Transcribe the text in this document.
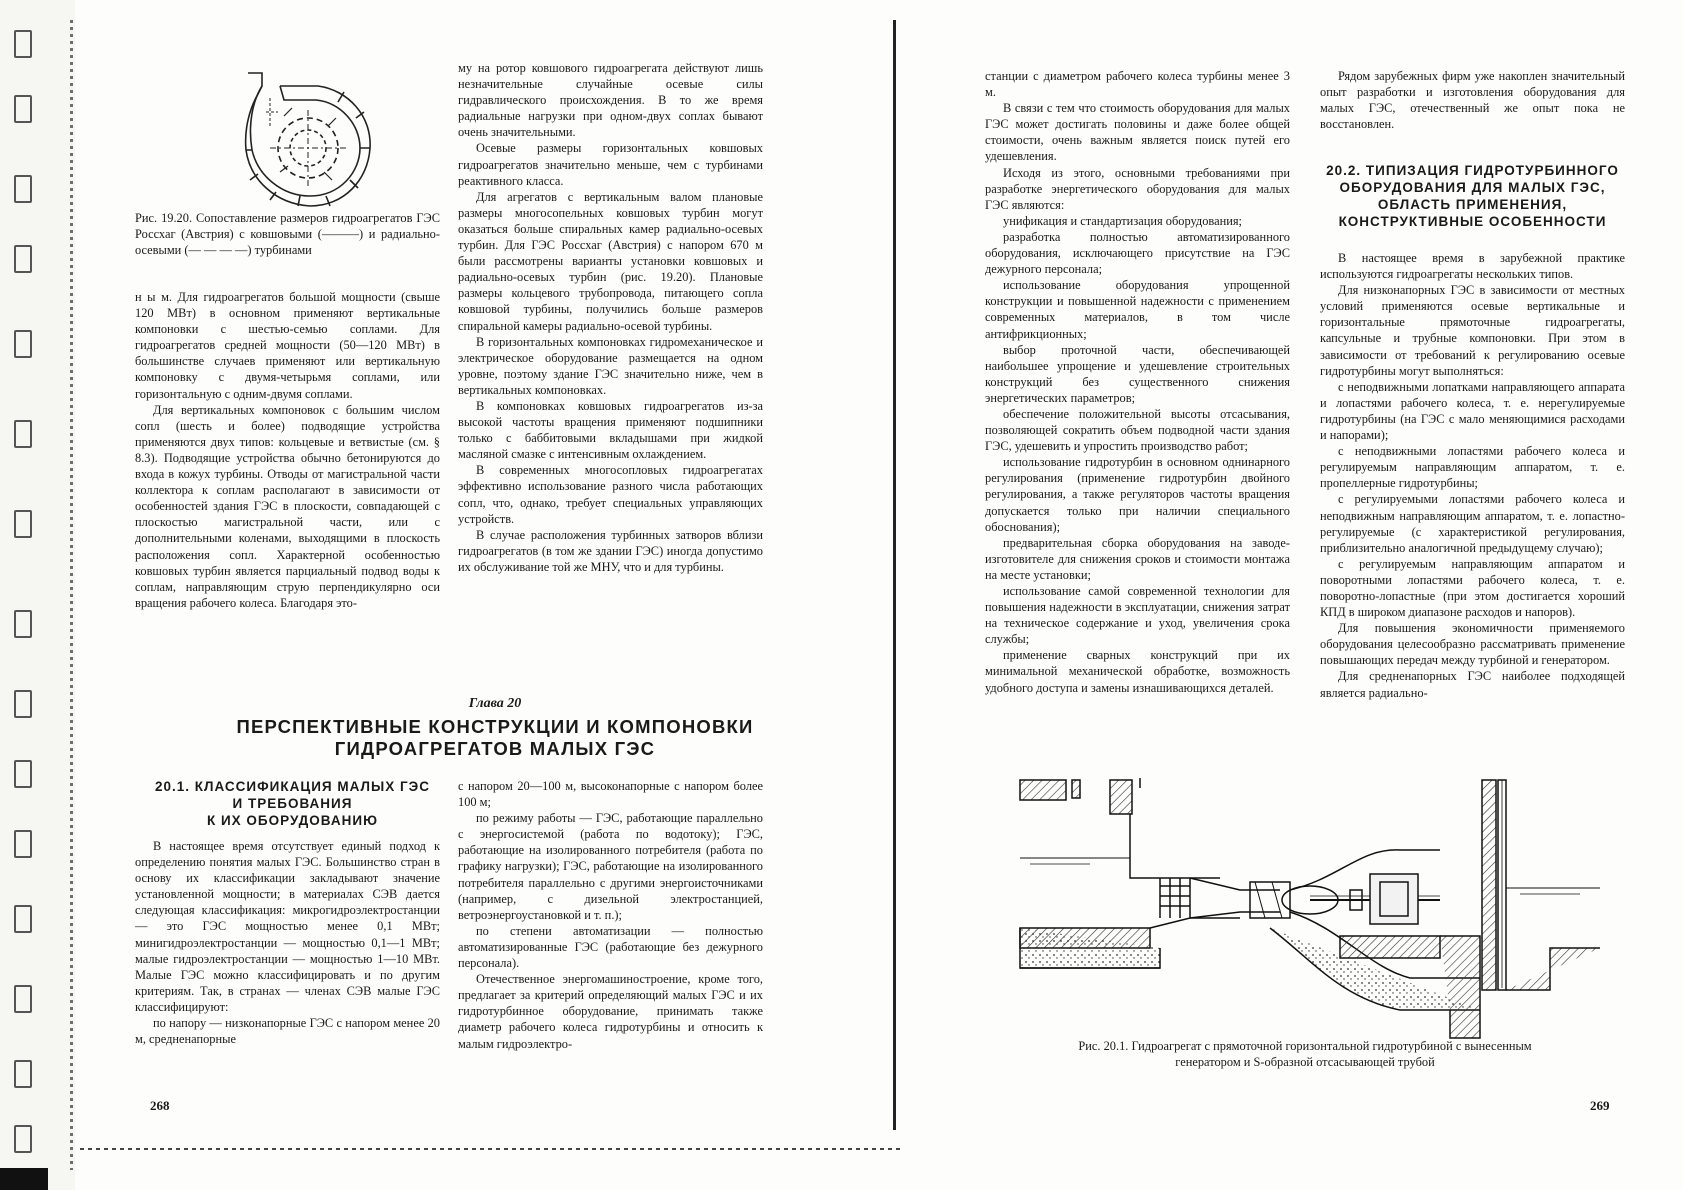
Рис. 19.20. Сопоставление размеров гидроагрегатов ГЭС Россхаг (Австрия) с ковшовыми (———) и радиально-осевыми (— — — —) турбинами

н ы м. Для гидроагрегатов большой мощности (свыше 120 МВт) в основном применяют вертикальные компоновки с шестью-семью соплами. Для гидроагрегатов средней мощности (50—120 МВт) в большинстве случаев применяют или вертикальную компоновку с двумя-четырьмя соплами, или горизонтальную с одним-двумя соплами.

Для вертикальных компоновок с большим числом сопл (шесть и более) подводящие устройства применяются двух типов: кольцевые и ветвистые (см. § 8.3). Подводящие устройства обычно бетонируются до входа в кожух турбины. Отводы от магистральной части коллектора к соплам располагают в зависимости от особенностей здания ГЭС в плоскости, совпадающей с плоскостью магистральной части, или с дополнительными коленами, выходящими в плоскость расположения сопл. Характерной особенностью ковшовых турбин является парциальный подвод воды к соплам, направляющим струю перпендикулярно оси вращения рабочего колеса. Благодаря это-

му на ротор ковшового гидроагрегата действуют лишь незначительные случайные осевые силы гидравлического происхождения. В то же время радиальные нагрузки при одном-двух соплах бывают очень значительными.

Осевые размеры горизонтальных ковшовых гидроагрегатов значительно меньше, чем с турбинами реактивного класса.

Для агрегатов с вертикальным валом плановые размеры многосопельных ковшовых турбин могут оказаться больше спиральных камер радиально-осевых турбин. Для ГЭС Россхаг (Австрия) с напором 670 м были рассмотрены варианты установки ковшовых и радиально-осевых турбин (рис. 19.20). Плановые размеры кольцевого трубопровода, питающего сопла ковшовой турбины, получились больше размеров спиральной камеры радиально-осевой турбины.

В горизонтальных компоновках гидромеханическое и электрическое оборудование размещается на одном уровне, поэтому здание ГЭС значительно ниже, чем в вертикальных компоновках.

В компоновках ковшовых гидроагрегатов из-за высокой частоты вращения применяют подшипники только с баббитовыми вкладышами при жидкой масляной смазке с интенсивным охлаждением.

В современных многосопловых гидроагрегатах эффективно использование разного числа работающих сопл, что, однако, требует специальных управляющих устройств.

В случае расположения турбинных затворов вблизи гидроагрегатов (в том же здании ГЭС) иногда допустимо их обслуживание той же МНУ, что и для турбины.

Глава 20
ПЕРСПЕКТИВНЫЕ КОНСТРУКЦИИ И КОМПОНОВКИ
ГИДРОАГРЕГАТОВ МАЛЫХ ГЭС
20.1. КЛАССИФИКАЦИЯ МАЛЫХ ГЭС
И ТРЕБОВАНИЯ
К ИХ ОБОРУДОВАНИЮ

В настоящее время отсутствует единый подход к определению понятия малых ГЭС. Большинство стран в основу их классификации закладывают значение установленной мощности; в материалах СЭВ дается следующая классификация: микрогидроэлектростанции — это ГЭС мощностью менее 0,1 МВт; минигидроэлектростанции — мощностью 0,1—1 МВт; малые гидроэлектростанции — мощностью 1—10 МВт. Малые ГЭС можно классифицировать и по другим критериям. Так, в странах — членах СЭВ малые ГЭС классифицируют:

по напору — низконапорные ГЭС с напором менее 20 м, средненапорные

с напором 20—100 м, высоконапорные с напором более 100 м;

по режиму работы — ГЭС, работающие параллельно с энергосистемой (работа по водотоку); ГЭС, работающие на изолированного потребителя (работа по графику нагрузки); ГЭС, работающие на изолированного потребителя параллельно с другими энергоисточниками (например, с дизельной электростанцией, ветроэнергоустановкой и т. п.);

по степени автоматизации — полностью автоматизированные ГЭС (работающие без дежурного персонала).

Отечественное энергомашиностроение, кроме того, предлагает за критерий определяющий малых ГЭС и их гидротурбинное оборудование, принимать также диаметр рабочего колеса гидротурбины и относить к малым гидроэлектро-

268

станции с диаметром рабочего колеса турбины менее 3 м.

В связи с тем что стоимость оборудования для малых ГЭС может достигать половины и даже более общей стоимости, очень важным является поиск путей его удешевления.

Исходя из этого, основными требованиями при разработке энергетического оборудования для малых ГЭС являются:

унификация и стандартизация оборудования;

разработка полностью автоматизированного оборудования, исключающего присутствие на ГЭС дежурного персонала;

использование оборудования упрощенной конструкции и повышенной надежности с применением современных материалов, в том числе антифрикционных;

выбор проточной части, обеспечивающей наибольшее упрощение и удешевление строительных конструкций без существенного снижения энергетических параметров;

обеспечение положительной высоты отсасывания, позволяющей сократить объем подводной части здания ГЭС, удешевить и упростить производство работ;

использование гидротурбин в основном однинарного регулирования (применение гидротурбин двойного регулирования, а также регуляторов частоты вращения допускается только при наличии специального обоснования);

предварительная сборка оборудования на заводе-изготовителе для снижения сроков и стоимости монтажа на месте установки;

использование самой современной технологии для повышения надежности в эксплуатации, снижения затрат на техническое содержание и уход, увеличения срока службы;

применение сварных конструкций при их минимальной механической обработке, возможность удобного доступа и замены изнашивающихся деталей.

Рядом зарубежных фирм уже накоплен значительный опыт разработки и изготовления оборудования для малых ГЭС, отечественный же опыт пока не восстановлен.

20.2. ТИПИЗАЦИЯ ГИДРОТУРБИННОГО
ОБОРУДОВАНИЯ ДЛЯ МАЛЫХ ГЭС,
ОБЛАСТЬ ПРИМЕНЕНИЯ,
КОНСТРУКТИВНЫЕ ОСОБЕННОСТИ

В настоящее время в зарубежной практике используются гидроагрегаты нескольких типов.

Для низконапорных ГЭС в зависимости от местных условий применяются осевые вертикальные и горизонтальные прямоточные гидроагрегаты, капсульные и трубные компоновки. При этом в зависимости от требований к регулированию осевые гидротурбины могут выполняться:

с неподвижными лопатками направляющего аппарата и лопастями рабочего колеса, т. е. нерегулируемые гидротурбины (на ГЭС с мало меняющимися расходами и напорами);

с неподвижными лопастями рабочего колеса и регулируемым направляющим аппаратом, т. е. пропеллерные гидротурбины;

с регулируемыми лопастями рабочего колеса и неподвижным направляющим аппаратом, т. е. лопастно-регулируемые (с характеристикой регулирования, приблизительно аналогичной предыдущему случаю);

с регулируемым направляющим аппаратом и поворотными лопастями рабочего колеса, т. е. поворотно-лопастные (при этом достигается хороший КПД в широком диапазоне расходов и напоров).

Для повышения экономичности применяемого оборудования целесообразно рассматривать применение повышающих передач между турбиной и генератором.

Для средненапорных ГЭС наиболее подходящей является радиально-

Рис. 20.1. Гидроагрегат с прямоточной горизонтальной гидротурбиной с вынесенным
генератором и S-образной отсасывающей трубой
269
